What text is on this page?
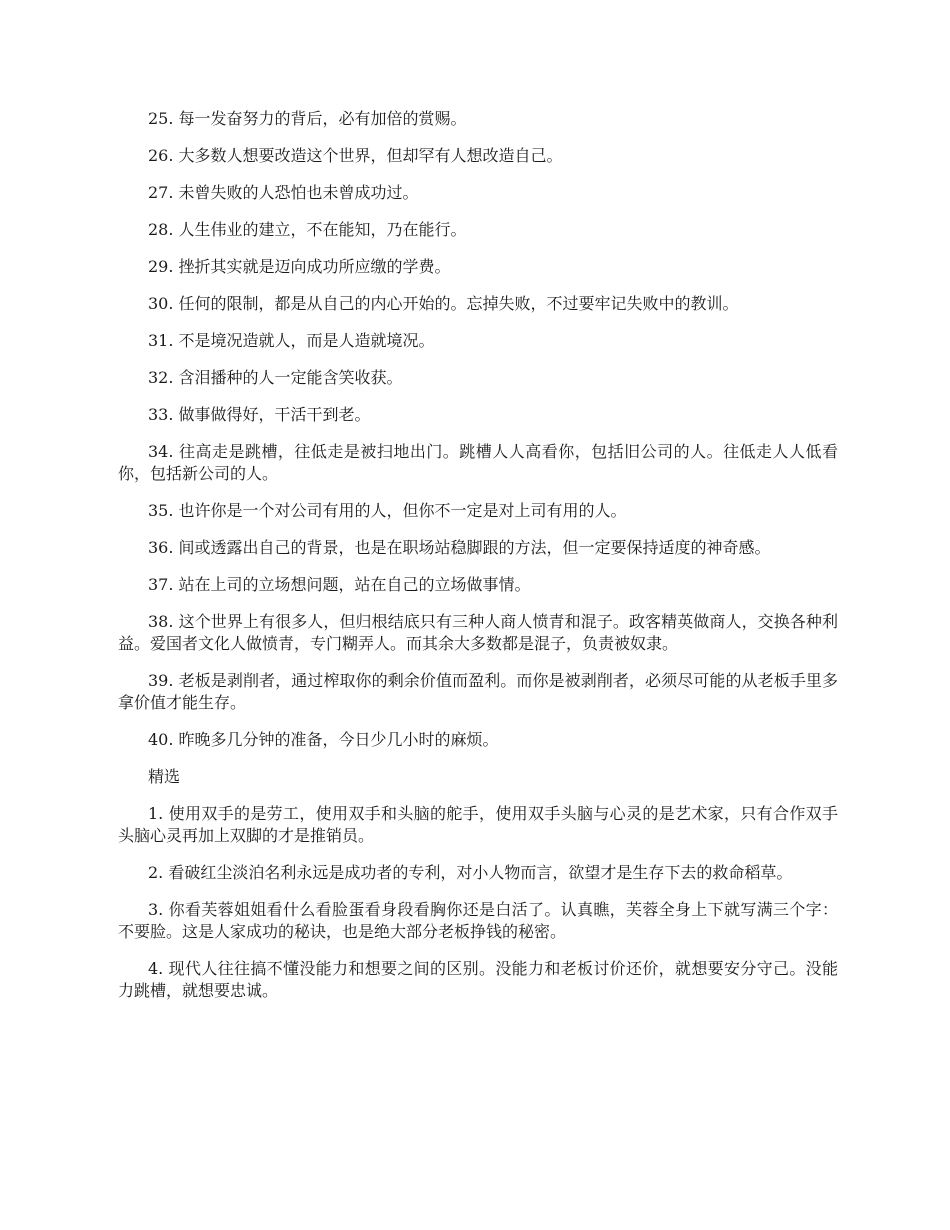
25. 每一发奋努力的背后，必有加倍的赏赐。

26. 大多数人想要改造这个世界，但却罕有人想改造自己。

27. 未曾失败的人恐怕也未曾成功过。

28. 人生伟业的建立，不在能知，乃在能行。

29. 挫折其实就是迈向成功所应缴的学费。

30. 任何的限制，都是从自己的内心开始的。忘掉失败，不过要牢记失败中的教训。

31. 不是境况造就人，而是人造就境况。

32. 含泪播种的人一定能含笑收获。

33. 做事做得好，干活干到老。

34. 往高走是跳槽，往低走是被扫地出门。跳槽人人高看你，包括旧公司的人。往低走人人低看你，包括新公司的人。

35. 也许你是一个对公司有用的人，但你不一定是对上司有用的人。

36. 间或透露出自己的背景，也是在职场站稳脚跟的方法，但一定要保持适度的神奇感。

37. 站在上司的立场想问题，站在自己的立场做事情。

38. 这个世界上有很多人，但归根结底只有三种人商人愤青和混子。政客精英做商人，交换各种利益。爱国者文化人做愤青，专门糊弄人。而其余大多数都是混子，负责被奴隶。

39. 老板是剥削者，通过榨取你的剩余价值而盈利。而你是被剥削者，必须尽可能的从老板手里多拿价值才能生存。

40. 昨晚多几分钟的准备，今日少几小时的麻烦。

精选

1. 使用双手的是劳工，使用双手和头脑的舵手，使用双手头脑与心灵的是艺术家，只有合作双手头脑心灵再加上双脚的才是推销员。

2. 看破红尘淡泊名利永远是成功者的专利，对小人物而言，欲望才是生存下去的救命稻草。

3. 你看芙蓉姐姐看什么看脸蛋看身段看胸你还是白活了。认真瞧，芙蓉全身上下就写满三个字：不要脸。这是人家成功的秘诀，也是绝大部分老板挣钱的秘密。

4. 现代人往往搞不懂没能力和想要之间的区别。没能力和老板讨价还价，就想要安分守己。没能力跳槽，就想要忠诚。
